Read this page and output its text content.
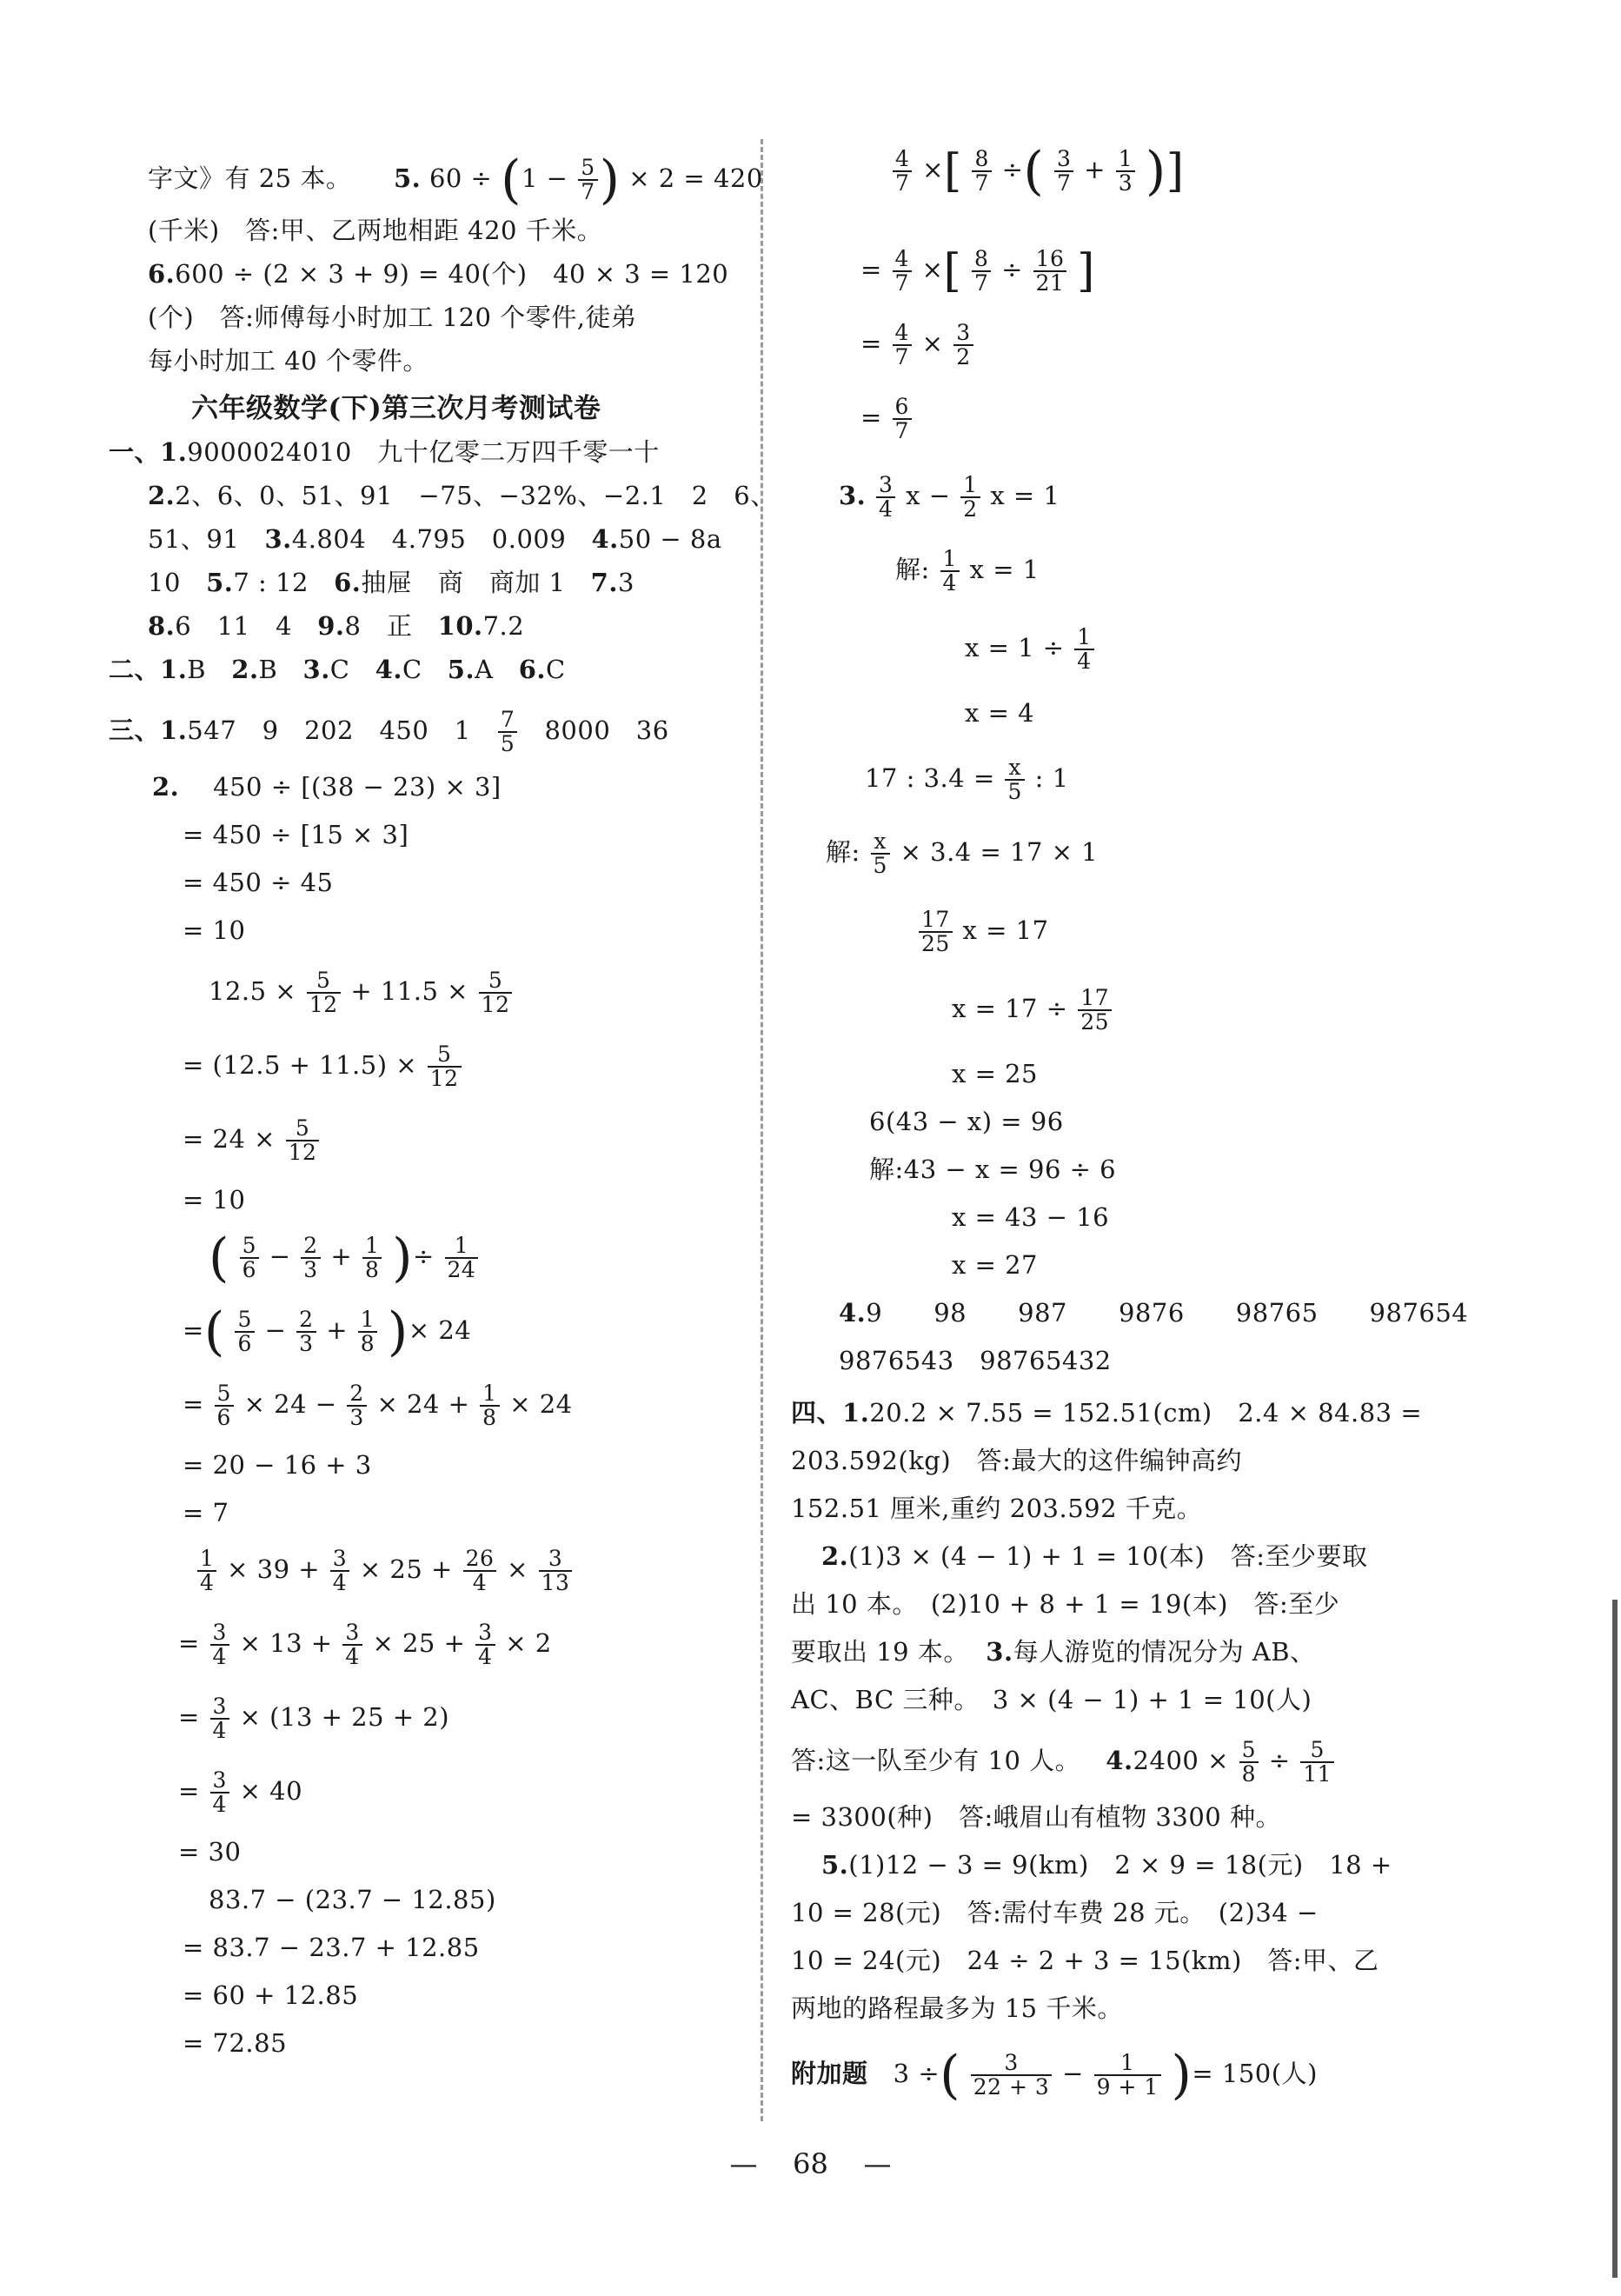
字文》有 25 本。 5. $60 \div (1 - \frac{5}{7}$ ) × 2 = 420
(千米)　答:甲、乙两地相距 420 千米。
6.600 ÷ (2 × 3 + 9) = 40(个)　40 × 3 = 120
(个)　答:师傅每小时加工 120 个零件,徒弟
每小时加工 40 个零件。
六年级数学(下)第三次月考测试卷
一、1.9000024010　九十亿零二万四千零一十
2.2、6、0、51、91　−75、−32%、−2.1　2　6、
51、91 3.4.804　4.795　0.009 4.50 − 8a
10 5.7 : 12 6.抽屉　商　商加 1 7.3
8.6　11　4 9.8　正 10.7.2
二、1.B 2.B 3.C 4.C 5.A 6.C
三、1.547　9　202　450　$1 \frac{7}{5} 8000$　36
2. 450 ÷ [(38 − 23) × 3]
= 450 ÷ [15 × 3]
= 450 ÷ 45
= 10
$12.5 \times \frac{5}{12} + 11.5 \times \frac{5}{12}$
= $(12.5 + 11.5) \times \frac{5}{12}$
= $24 \times \frac{5}{12}$
= 10
( $\frac{5}{6} - \frac{2}{3} + \frac{1}{8}$ )÷ $\frac{1}{24}$
=( $\frac{5}{6} - \frac{2}{3} + \frac{1}{8}$ )× 24
= $\frac{5}{6} \times 24 - \frac{2}{3} \times 24 + \frac{1}{8} \times 24$
= 20 − 16 + 3
= 7
$\frac{1}{4} \times 39 + \frac{3}{4} \times 25 + \frac{26}{4} \times \frac{3}{13}$
= $\frac{3}{4} \times 13 + \frac{3}{4} \times 25 + \frac{3}{4} \times 2$
= $\frac{3}{4} \times (13 + 25 + 2)$
= $\frac{3}{4} \times 40$
= 30
83.7 − (23.7 − 12.85)
= 83.7 − 23.7 + 12.85
= 60 + 12.85
= 72.85
$\frac{4}{7}$ ×[ $\frac{8}{7}$ ÷( $\frac{3}{7} + \frac{1}{3}$ )]
= $\frac{4}{7}$ ×[ $\frac{8}{7} \div \frac{16}{21}$ ]
= $\frac{4}{7} \times \frac{3}{2}$
= $\frac{6}{7}$
3. $\frac{3}{4}$ $x - \frac{1}{2}$ x = 1
解: $\frac{1}{4}$ x = 1
$x = 1 \div \frac{1}{4}$
x = 4
17 : $3.4 = \frac{x}{5}$ : 1
解: $\frac{x}{5} \times 3.4 = 17 \times 1$
$\frac{17}{25}$ x = 17
$x = 17 \div \frac{17}{25}$
x = 25
6(43 − x) = 96
解:43 − x = 96 ÷ 6
x = 43 − 16
x = 27
4.9　　98　　987　　9876　　98765　　987654
9876543　98765432
四、1.20.2 × 7.55 = 152.51(cm)　2.4 × 84.83 =
203.592(kg)　答:最大的这件编钟高约
152.51 厘米,重约 203.592 千克。
2.(1)3 × (4 − 1) + 1 = 10(本)　答:至少要取
出 10 本。　(2)10 + 8 + 1 = 19(本)　答:至少
要取出 19 本。 3.每人游览的情况分为 AB、
AC、BC 三种。　3 × (4 − 1) + 1 = 10(人)
答:这一队至少有 10 人。 $4.2400 \times \frac{5}{8} \div \frac{5}{11}$
= 3300(种)　答:峨眉山有植物 3300 种。
5.(1)12 − 3 = 9(km)　2 × 9 = 18(元)　18 +
10 = 28(元)　答:需付车费 28 元。　(2)34 −
10 = 24(元)　24 ÷ 2 + 3 = 15(km)　答:甲、乙
两地的路程最多为 15 千米。
附加题 3 ÷( $\frac{3}{22 + 3} - \frac{1}{9 + 1}$ )= 150(人)
— 68 —
